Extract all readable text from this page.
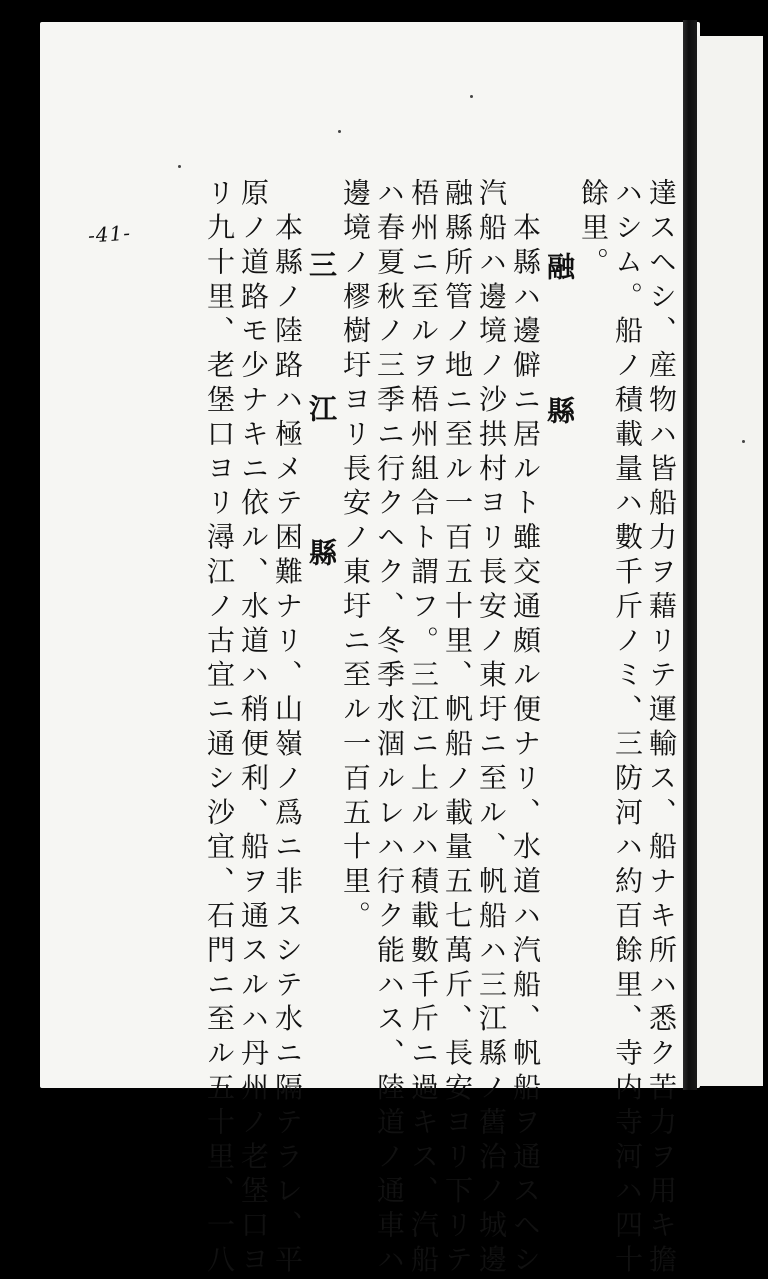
-41-	達スヘシ、産物ハ皆船力ヲ藉リテ運輸ス、船ナキ所ハ悉ク苦力ヲ用キ擔
ハシム。船ノ積載量ハ數千斤ノミ、三防河ハ約百餘里、寺内寺河ハ四十
餘里。
融　縣
　本縣ハ邊僻ニ居ルト雖交通頗ル便ナリ、水道ハ汽船、帆船ヲ通スヘシ
汽船ハ邊境ノ沙拱村ヨリ長安ノ東圩ニ至ル、帆船ハ三江縣ノ舊治ノ城邊
融縣所管ノ地ニ至ル一百五十里、帆船ノ載量五七萬斤、長安ヨリ下リテ
梧州ニ至ルヲ梧州組合ト謂フ。三江ニ上ルハ積載數千斤ニ過キス、汽船
ハ春夏秋ノ三季ニ行クヘク、冬季水涸ルレハ行ク能ハス、陸道ノ通車ハ
邊境ノ樛樹圩ヨリ長安ノ東圩ニ至ル一百五十里。
三　江　縣
　本縣ノ陸路ハ極メテ困難ナリ、山嶺ノ爲ニ非スシテ水ニ隔テラレ、平
原ノ道路モ少ナキニ依ル、水道ハ稍便利、船ヲ通スルハ丹州ノ老堡口ヨ
リ九十里、老堡口ヨリ潯江ノ古宜ニ通シ沙宜、石門ニ至ル五十里、一八
